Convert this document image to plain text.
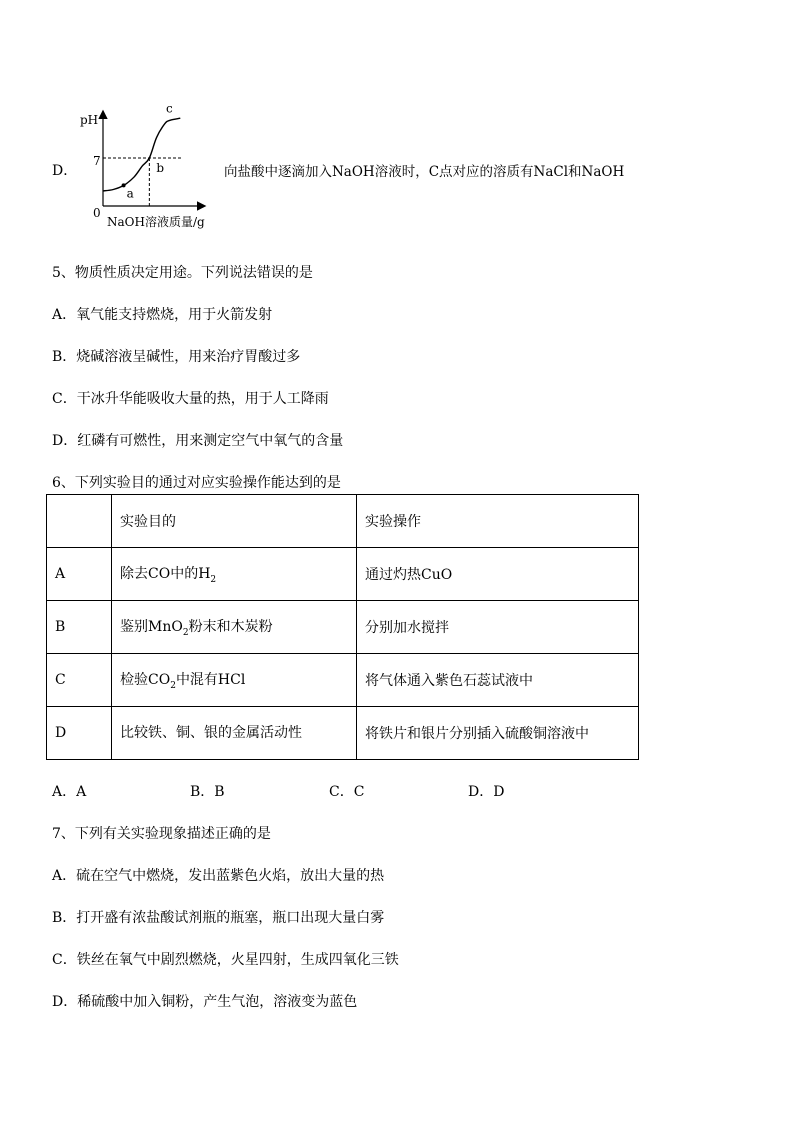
D．
pH
0
NaOH溶液质量/g
7
a
b
c
向盐酸中逐滴加入NaOH溶液时，C点对应的溶质有NaCl和NaOH
5、物质性质决定用途。下列说法错误的是
A．氧气能支持燃烧，用于火箭发射
B．烧碱溶液呈碱性，用来治疗胃酸过多
C．干冰升华能吸收大量的热，用于人工降雨
D．红磷有可燃性，用来测定空气中氧气的含量
6、下列实验目的通过对应实验操作能达到的是
	实验目的	实验操作
A	除去CO中的$H_2$	通过灼热CuO
B	鉴别MnO$_2$粉末和木炭粉	分别加水搅拌
C	检验$CO_2$中混有HCl	将气体通入紫色石蕊试液中
D	比较铁、铜、银的金属活动性	将铁片和银片分别插入硫酸铜溶液中
A．A	B．B	C．C	D．D
7、下列有关实验现象描述正确的是
A．硫在空气中燃烧，发出蓝紫色火焰，放出大量的热
B．打开盛有浓盐酸试剂瓶的瓶塞，瓶口出现大量白雾
C．铁丝在氧气中剧烈燃烧，火星四射，生成四氧化三铁
D．稀硫酸中加入铜粉，产生气泡，溶液变为蓝色
